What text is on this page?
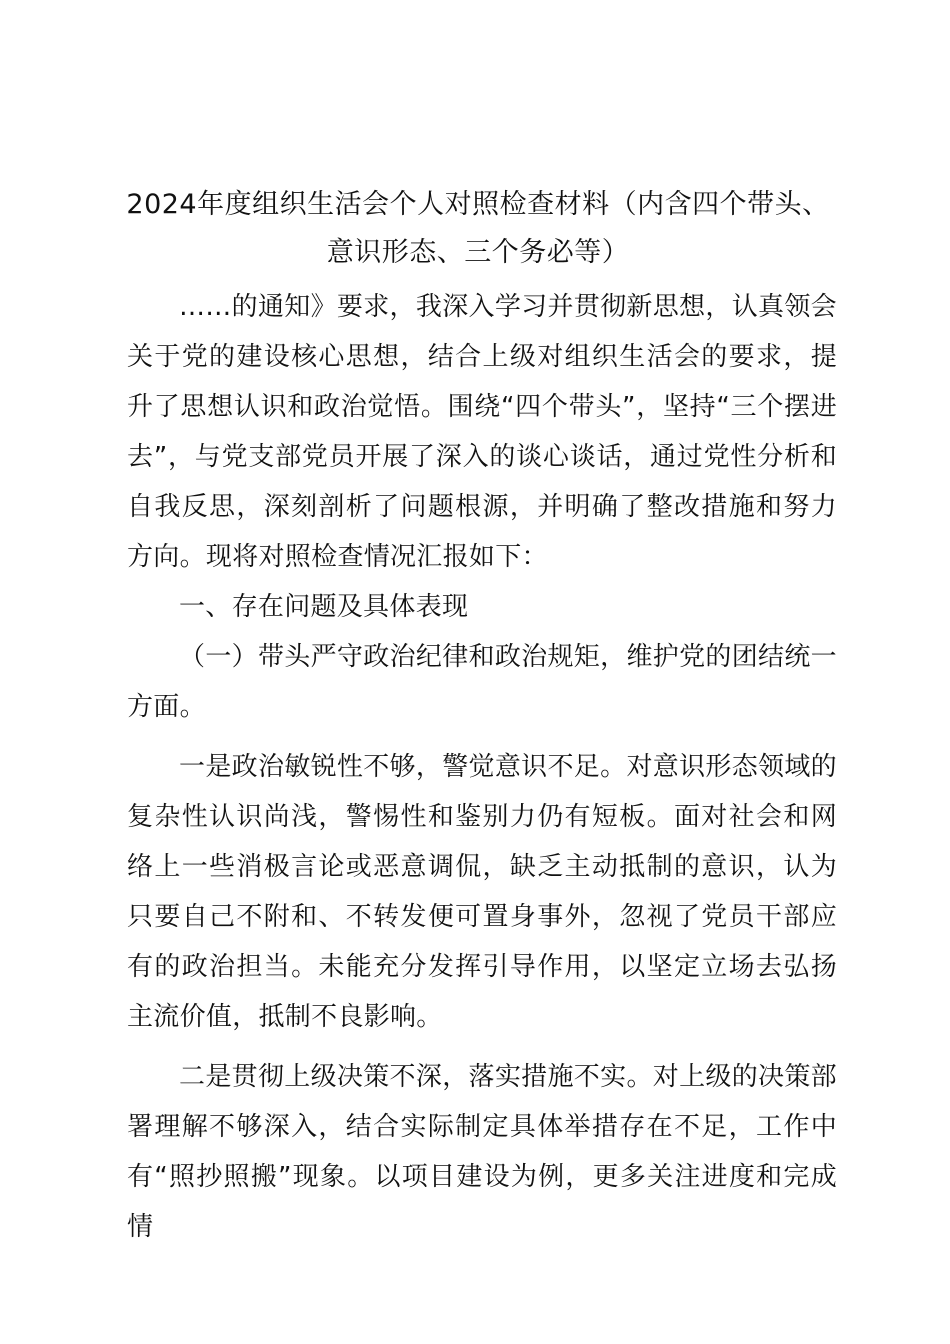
2024年度组织生活会个人对照检查材料（内含四个带头、意识形态、三个务必等）

……的通知》要求，我深入学习并贯彻新思想，认真领会关于党的建设核心思想，结合上级对组织生活会的要求，提升了思想认识和政治觉悟。围绕“四个带头”，坚持“三个摆进去”，与党支部党员开展了深入的谈心谈话，通过党性分析和自我反思，深刻剖析了问题根源，并明确了整改措施和努力方向。现将对照检查情况汇报如下：

一、存在问题及具体表现

（一）带头严守政治纪律和政治规矩，维护党的团结统一方面。

一是政治敏锐性不够，警觉意识不足。对意识形态领域的复杂性认识尚浅，警惕性和鉴别力仍有短板。面对社会和网络上一些消极言论或恶意调侃，缺乏主动抵制的意识，认为只要自己不附和、不转发便可置身事外，忽视了党员干部应有的政治担当。未能充分发挥引导作用，以坚定立场去弘扬主流价值，抵制不良影响。

二是贯彻上级决策不深，落实措施不实。对上级的决策部署理解不够深入，结合实际制定具体举措存在不足，工作中有“照抄照搬”现象。以项目建设为例，更多关注进度和完成情
